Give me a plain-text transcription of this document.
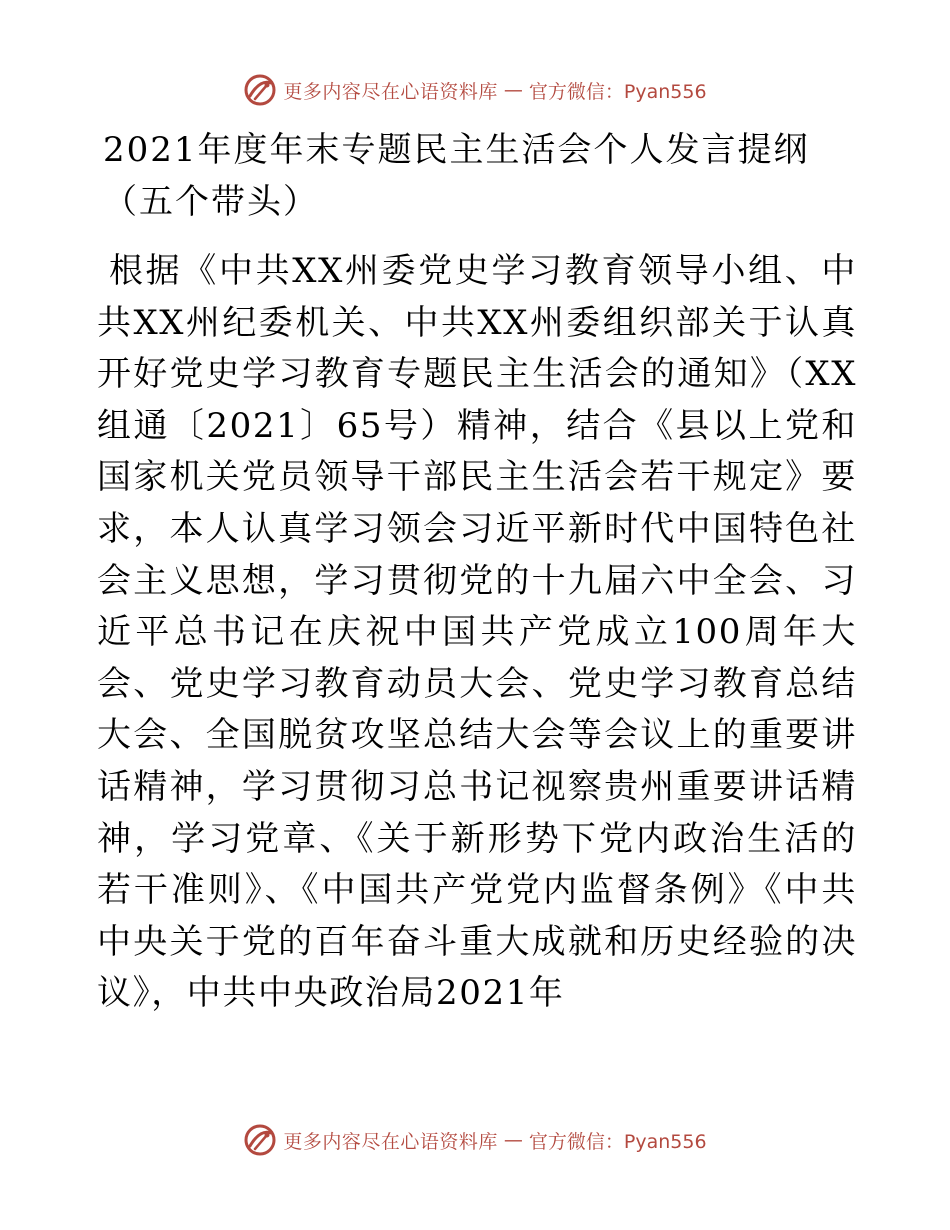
更多内容尽在心语资料库 — 官方微信：Pyan556
2021年度年末专题民主生活会个人发言提纲（五个带头）

根据《中共XX州委党史学习教育领导小组、中共XX州纪委机关、中共XX州委组织部关于认真开好党史学习教育专题民主生活会的通知》（XX组通〔2021〕65号）精神，结合《县以上党和国家机关党员领导干部民主生活会若干规定》要求，本人认真学习领会习近平新时代中国特色社会主义思想，学习贯彻党的十九届六中全会、习近平总书记在庆祝中国共产党成立100周年大会、党史学习教育动员大会、党史学习教育总结大会、全国脱贫攻坚总结大会等会议上的重要讲话精神，学习贯彻习总书记视察贵州重要讲话精神，学习党章、《关于新形势下党内政治生活的若干准则》、《中国共产党党内监督条例》《中共中央关于党的百年奋斗重大成就和历史经验的决议》，中共中央政治局2021年

更多内容尽在心语资料库 — 官方微信：Pyan556
